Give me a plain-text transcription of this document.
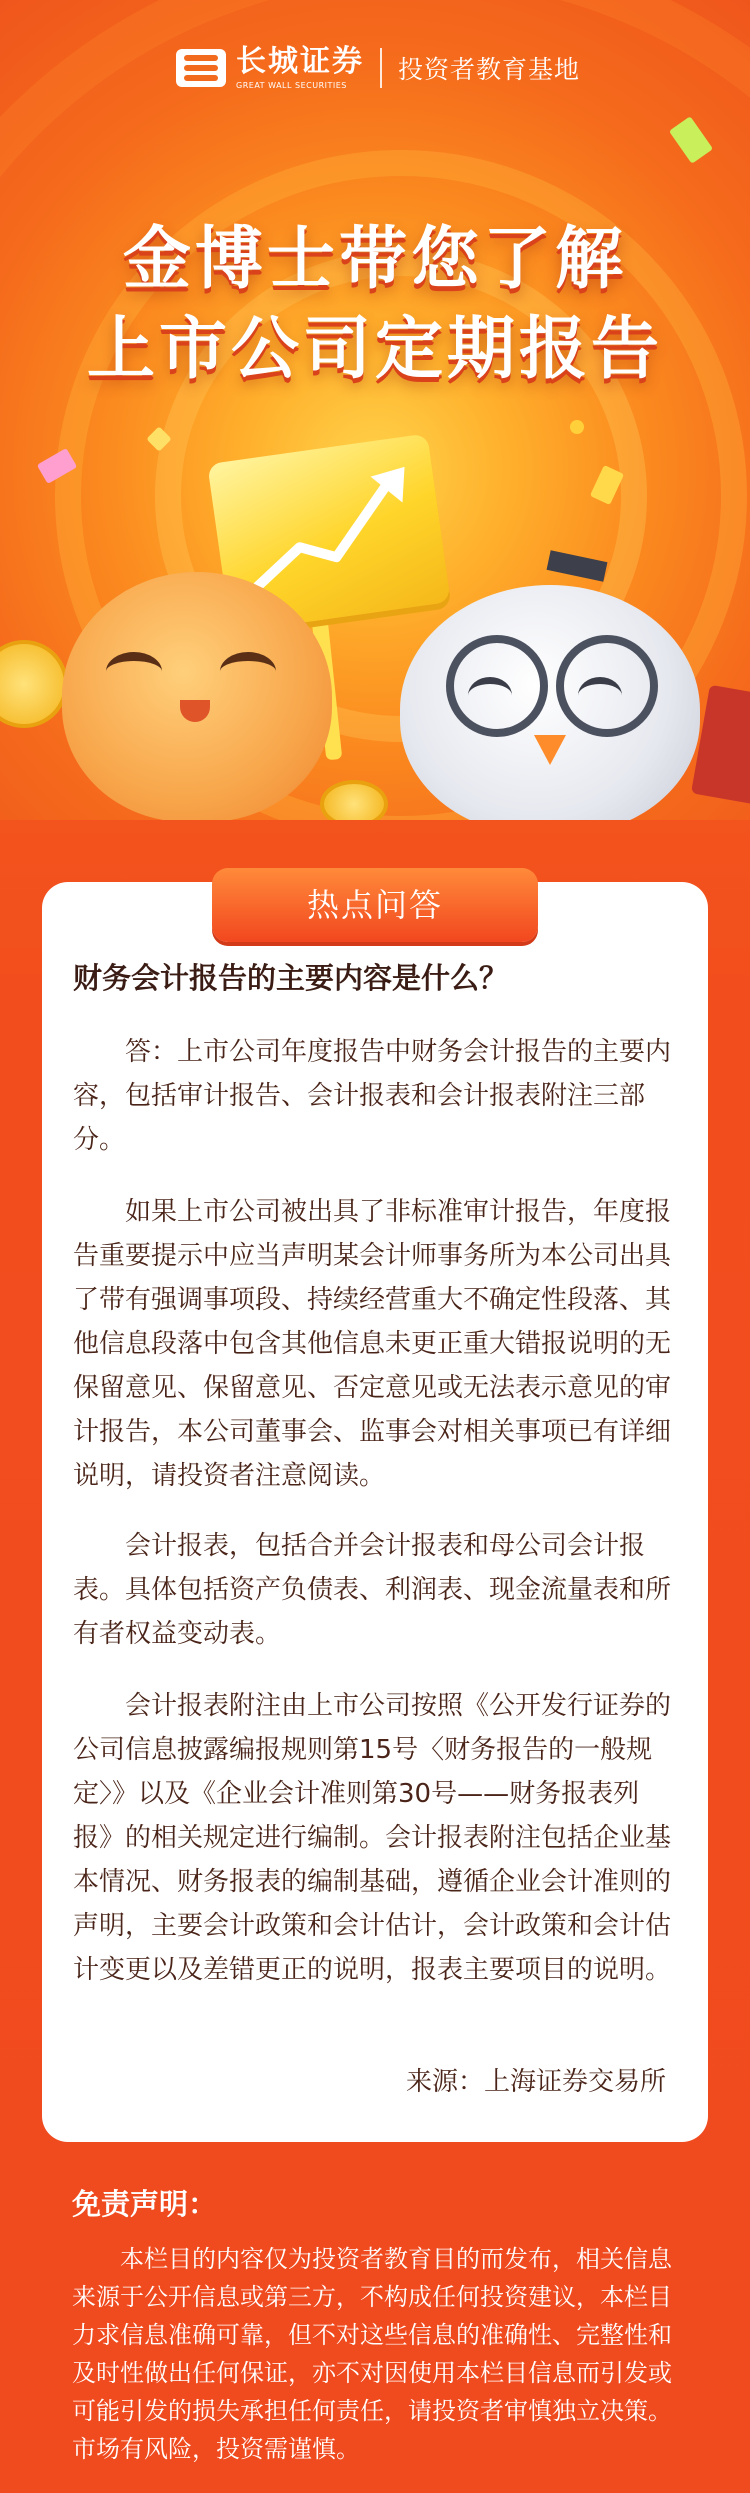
长城证券
GREAT WALL SECURITIES
投资者教育基地
金博士带您了解
上市公司定期报告
热点问答
财务会计报告的主要内容是什么？

答：上市公司年度报告中财务会计报告的主要内容，包括审计报告、会计报表和会计报表附注三部分。

如果上市公司被出具了非标准审计报告，年度报告重要提示中应当声明某会计师事务所为本公司出具了带有强调事项段、持续经营重大不确定性段落、其他信息段落中包含其他信息未更正重大错报说明的无保留意见、保留意见、否定意见或无法表示意见的审计报告，本公司董事会、监事会对相关事项已有详细说明，请投资者注意阅读。

会计报表，包括合并会计报表和母公司会计报表。具体包括资产负债表、利润表、现金流量表和所有者权益变动表。

会计报表附注由上市公司按照《公开发行证券的公司信息披露编报规则第15号〈财务报告的一般规定〉》以及《企业会计准则第30号——财务报表列报》的相关规定进行编制。会计报表附注包括企业基本情况、财务报表的编制基础，遵循企业会计准则的声明，主要会计政策和会计估计，会计政策和会计估计变更以及差错更正的说明，报表主要项目的说明。

来源：上海证券交易所
免责声明：

本栏目的内容仅为投资者教育目的而发布，相关信息来源于公开信息或第三方，不构成任何投资建议，本栏目力求信息准确可靠，但不对这些信息的准确性、完整性和及时性做出任何保证，亦不对因使用本栏目信息而引发或可能引发的损失承担任何责任，请投资者审慎独立决策。市场有风险，投资需谨慎。
